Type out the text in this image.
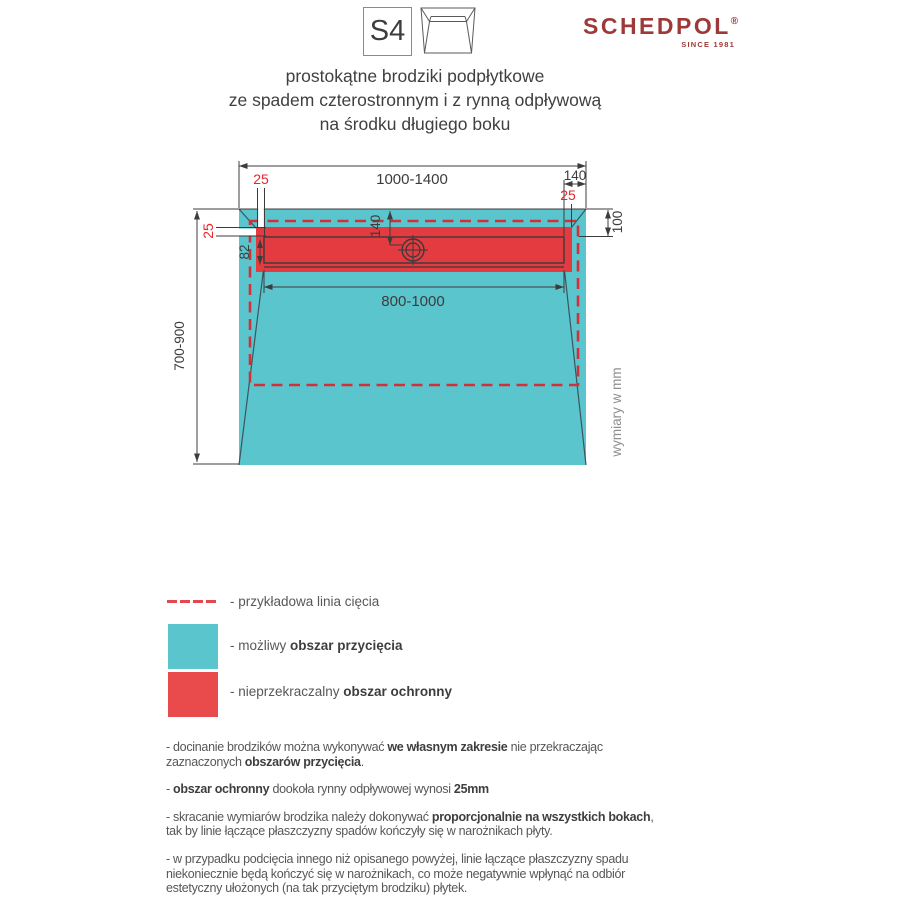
S4	SCHEDPOL®
SINCE 1981
prostokątne brodziki podpłytkowe
ze spadem czterostronnym i z rynną odpływową
na środku długiego boku
1000-1400	140
25
25
25
82
140
800-1000
100
700-900
wymiary w mm
- przykładowa linia cięcia
- możliwy obszar przycięcia
- nieprzekraczalny obszar ochronny

- docinanie brodzików można wykonywać we własnym zakresie nie przekraczając zaznaczonych obszarów przycięcia.

- obszar ochronny dookoła rynny odpływowej wynosi 25mm

- skracanie wymiarów brodzika należy dokonywać proporcjonalnie na wszystkich bokach, tak by linie łączące płaszczyzny spadów kończyły się w narożnikach płyty.

- w przypadku podcięcia innego niż opisanego powyżej, linie łączące płaszczyzny spadu niekoniecznie będą kończyć się w narożnikach, co może negatywnie wpłynąć na odbiór estetyczny ułożonych (na tak przyciętym brodziku) płytek.
